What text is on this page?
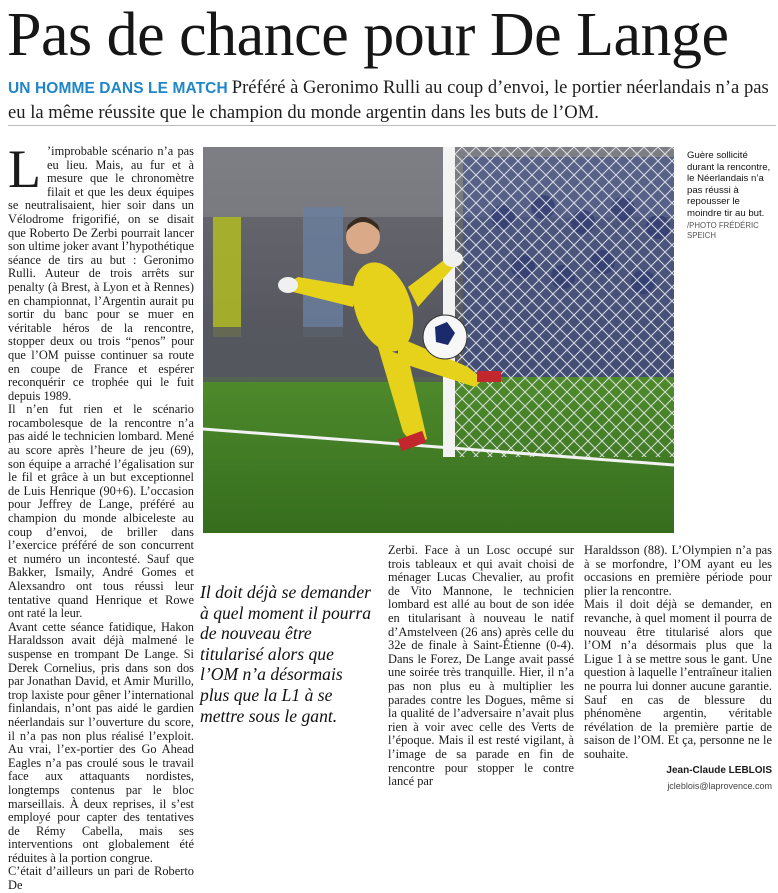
Pas de chance pour De Lange
UN HOMME DANS LE MATCH Préféré à Geronimo Rulli au coup d’envoi, le portier néerlandais n’a pas eu la même réussite que le champion du monde argentin dans les buts de l’OM.
L ’improbable scénario n’a pas eu lieu. Mais, au fur et à mesure que le chronomètre filait et que les deux équipes se neutralisaient, hier soir dans un Vélodrome frigorifié, on se disait que Roberto De Zerbi pourrait lancer son ultime joker avant l’hypothétique séance de tirs au but : Geronimo Rulli. Auteur de trois arrêts sur penalty (à Brest, à Lyon et à Rennes) en championnat, l’Argentin aurait pu sortir du banc pour se muer en véritable héros de la rencontre, stopper deux ou trois “penos” pour que l’OM puisse continuer sa route en coupe de France et espérer reconquérir ce trophée qui le fuit depuis 1989.

Il n’en fut rien et le scénario rocambolesque de la rencontre n’a pas aidé le technicien lombard. Mené au score après l’heure de jeu (69), son équipe a arraché l’égalisation sur le fil et grâce à un but exceptionnel de Luis Henrique (90+6). L’occasion pour Jeffrey de Lange, préféré au champion du monde albiceleste au coup d’envoi, de briller dans l’exercice préféré de son concurrent et numéro un incontesté. Sauf que Bakker, Ismaily, André Gomes et Alexsandro ont tous réussi leur tentative quand Henrique et Rowe ont raté la leur.

Avant cette séance fatidique, Hakon Haraldsson avait déjà malmené le suspense en trompant De Lange. Si Derek Cornelius, pris dans son dos par Jonathan David, et Amir Murillo, trop laxiste pour gêner l’international finlandais, n’ont pas aidé le gardien néerlandais sur l’ouverture du score, il n’a pas non plus réalisé l’exploit. Au vrai, l’ex-portier des Go Ahead Eagles n’a pas croulé sous le travail face aux attaquants nordistes, longtemps contenus par le bloc marseillais. À deux reprises, il s’est employé pour capter des tentatives de Rémy Cabella, mais ses interventions ont globalement été réduites à la portion congrue.

C’était d’ailleurs un pari de Roberto De

Guère sollicité durant la rencontre, le Néerlandais n’a pas réussi à repousser le moindre tir au but.
/PHOTO FRÉDÉRIC SPEICH
Il doit déjà se demander à quel moment il pourra de nouveau être titularisé alors que l’OM n’a désormais plus que la L1 à se mettre sous le gant.

Zerbi. Face à un Losc occupé sur trois tableaux et qui avait choisi de ménager Lucas Chevalier, au profit de Vito Mannone, le technicien lombard est allé au bout de son idée en titularisant à nouveau le natif d’Amstelveen (26 ans) après celle du 32e de finale à Saint-Étienne (0-4). Dans le Forez, De Lange avait passé une soirée très tranquille. Hier, il n’a pas non plus eu à multiplier les parades contre les Dogues, même si la qualité de l’adversaire n’avait plus rien à voir avec celle des Verts de l’époque. Mais il est resté vigilant, à l’image de sa parade en fin de rencontre pour stopper le contre lancé par

Haraldsson (88). L’Olympien n’a pas à se morfondre, l’OM ayant eu les occasions en première période pour plier la rencontre.

Mais il doit déjà se demander, en revanche, à quel moment il pourra de nouveau être titularisé alors que l’OM n’a désormais plus que la Ligue 1 à se mettre sous le gant. Une question à laquelle l’entraîneur italien ne pourra lui donner aucune garantie. Sauf en cas de blessure du phénomène argentin, véritable révélation de la première partie de saison de l’OM. Et ça, personne ne le souhaite.

Jean-Claude LEBLOIS
jcleblois@laprovence.com
